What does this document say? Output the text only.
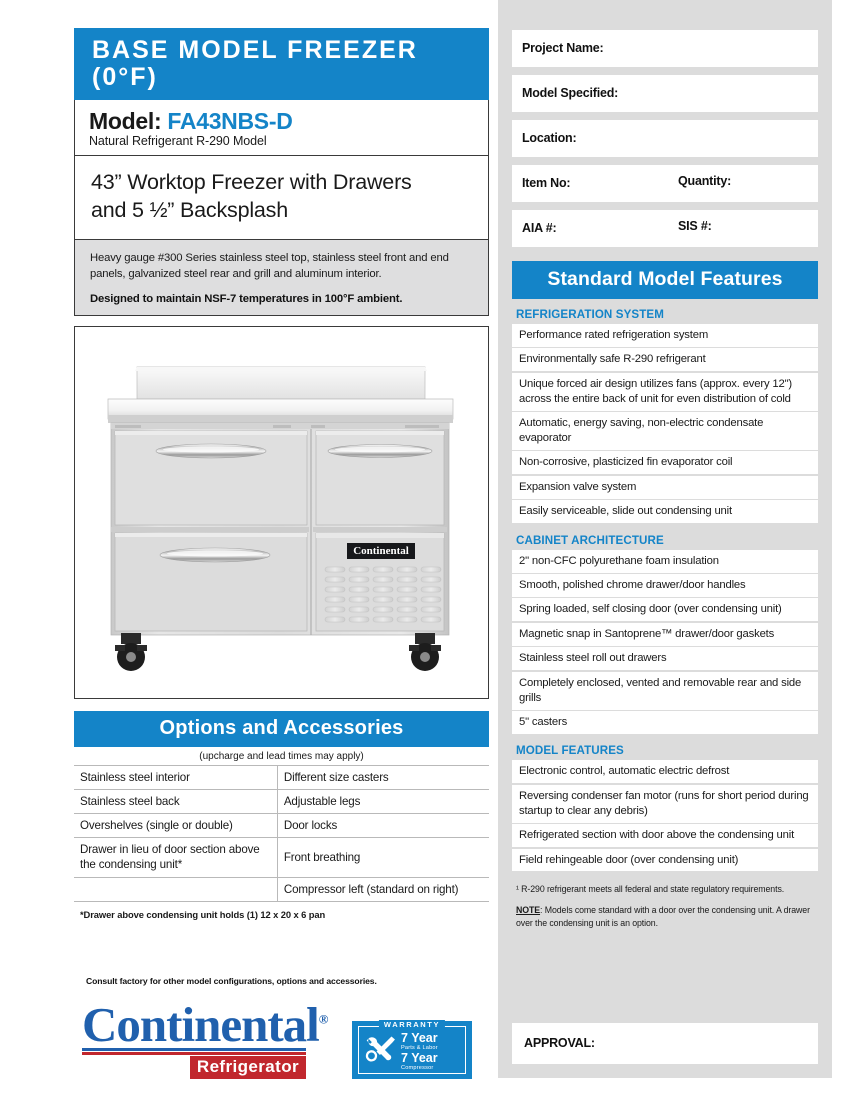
BASE MODEL FREEZER (0°F)
Model: FA43NBS-D
Natural Refrigerant R-290 Model
43” Worktop Freezer with Drawers
and 5 ½” Backsplash
Heavy gauge #300 Series stainless steel top, stainless steel front and end panels, galvanized steel rear and grill and aluminum interior.
Designed to maintain NSF-7 temperatures in 100°F ambient.
Continental
Options and Accessories
(upcharge and lead times may apply)
Stainless steel interior	Different size casters
Stainless steel back	Adjustable legs
Overshelves (single or double)	Door locks
Drawer in lieu of door section above the condensing unit*	Front breathing
	Compressor left (standard on right)
*Drawer above condensing unit holds (1) 12 x 20 x 6 pan
Consult factory for other model configurations, options and accessories.
Continental®
Refrigerator
WARRANTY
7 Year
Parts & Labor
7 Year
Compressor
Project Name:
Model Specified:
Location:
Item No:	Quantity:
AIA #:	SIS #:
Standard Model Features
REFRIGERATION SYSTEM
Performance rated refrigeration system
Environmentally safe R-290 refrigerant
Unique forced air design utilizes fans (approx. every 12") across the entire back of unit for even distribution of cold
Automatic, energy saving, non-electric condensate evaporator
Non-corrosive, plasticized fin evaporator coil
Expansion valve system
Easily serviceable, slide out condensing unit
CABINET ARCHITECTURE
2" non-CFC polyurethane foam insulation
Smooth, polished chrome drawer/door handles
Spring loaded, self closing door (over condensing unit)
Magnetic snap in Santoprene™ drawer/door gaskets
Stainless steel roll out drawers
Completely enclosed, vented and removable rear and side grills
5" casters
MODEL FEATURES
Electronic control, automatic electric defrost
Reversing condenser fan motor (runs for short period during startup to clear any debris)
Refrigerated section with door above the condensing unit
Field rehingeable door (over condensing unit)
¹ R-290 refrigerant meets all federal and state regulatory requirements.
NOTE: Models come standard with a door over the condensing unit. A drawer over the condensing unit is an option.
APPROVAL:
